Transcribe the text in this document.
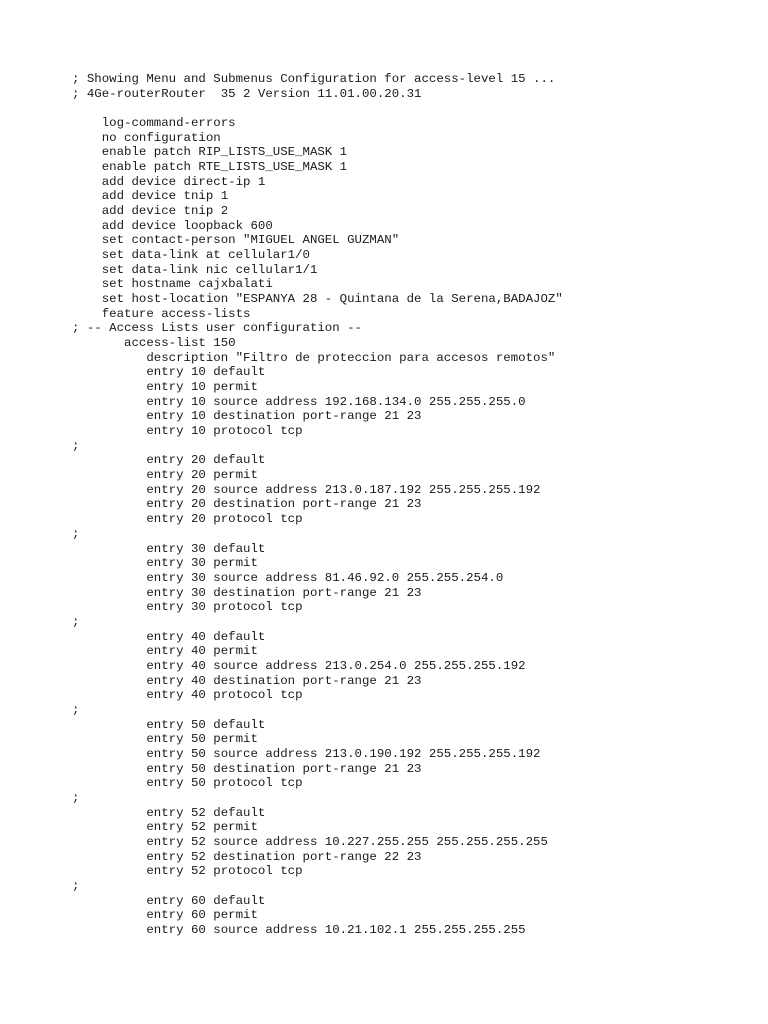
; Showing Menu and Submenus Configuration for access-level 15 ...
; 4Ge-routerRouter  35 2 Version 11.01.00.20.31
log-command-errors
no configuration
enable patch RIP_LISTS_USE_MASK 1
enable patch RTE_LISTS_USE_MASK 1
add device direct-ip 1
add device tnip 1
add device tnip 2
add device loopback 600
set contact-person "MIGUEL ANGEL GUZMAN"
set data-link at cellular1/0
set data-link nic cellular1/1
set hostname cajxbalati
set host-location "ESPANYA 28 - Quintana de la Serena,BADAJOZ"
feature access-lists
; -- Access Lists user configuration --
access-list 150
description "Filtro de proteccion para accesos remotos"
entry 10 default
entry 10 permit
entry 10 source address 192.168.134.0 255.255.255.0
entry 10 destination port-range 21 23
entry 10 protocol tcp
;
entry 20 default
entry 20 permit
entry 20 source address 213.0.187.192 255.255.255.192
entry 20 destination port-range 21 23
entry 20 protocol tcp
;
entry 30 default
entry 30 permit
entry 30 source address 81.46.92.0 255.255.254.0
entry 30 destination port-range 21 23
entry 30 protocol tcp
;
entry 40 default
entry 40 permit
entry 40 source address 213.0.254.0 255.255.255.192
entry 40 destination port-range 21 23
entry 40 protocol tcp
;
entry 50 default
entry 50 permit
entry 50 source address 213.0.190.192 255.255.255.192
entry 50 destination port-range 21 23
entry 50 protocol tcp
;
entry 52 default
entry 52 permit
entry 52 source address 10.227.255.255 255.255.255.255
entry 52 destination port-range 22 23
entry 52 protocol tcp
;
entry 60 default
entry 60 permit
entry 60 source address 10.21.102.1 255.255.255.255
